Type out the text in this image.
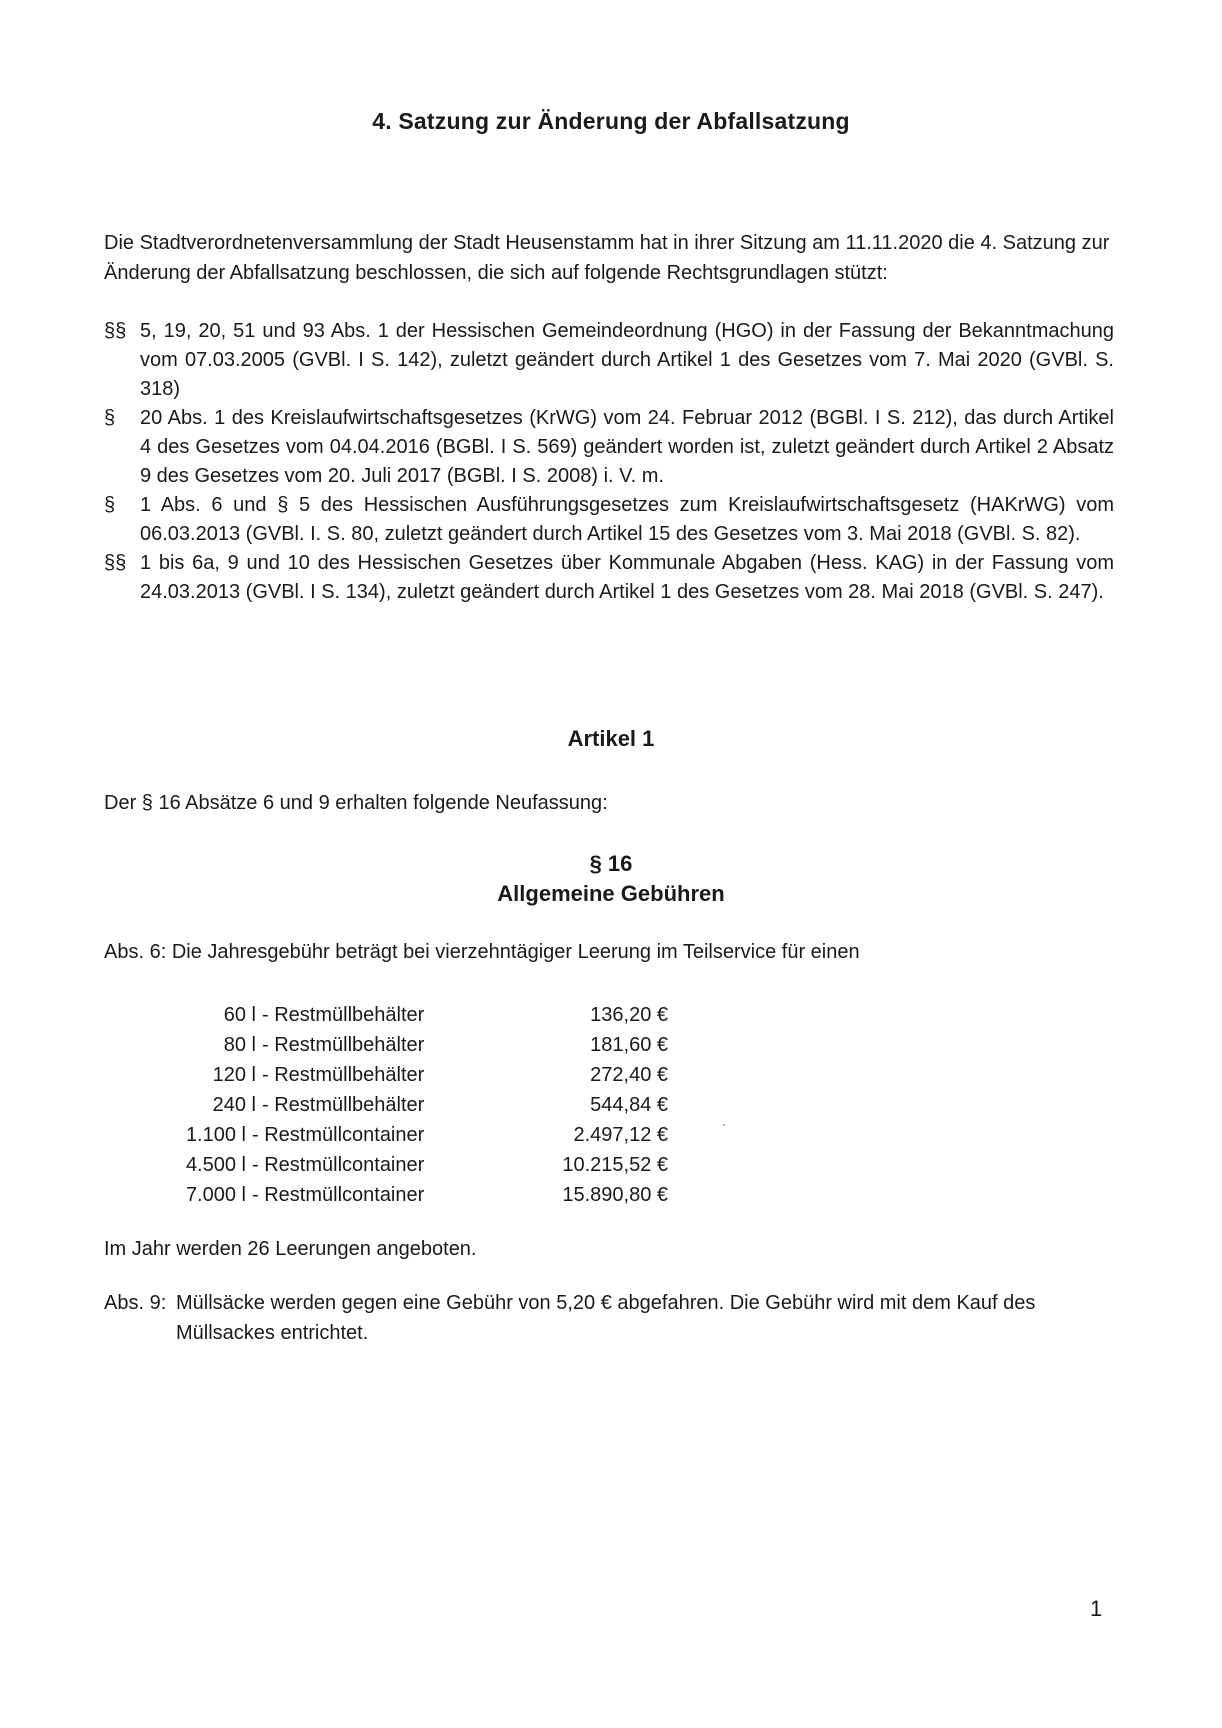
4. Satzung zur Änderung der Abfallsatzung
Die Stadtverordnetenversammlung der Stadt Heusenstamm hat in ihrer Sitzung am 11.11.2020 die 4. Satzung zur Änderung der Abfallsatzung beschlossen, die sich auf folgende Rechtsgrundlagen stützt:
§§ 5, 19, 20, 51 und 93 Abs. 1 der Hessischen Gemeindeordnung (HGO) in der Fassung der Bekanntmachung vom 07.03.2005 (GVBl. I S. 142), zuletzt geändert durch Artikel 1 des Gesetzes vom 7. Mai 2020 (GVBl. S. 318)
§	20 Abs. 1 des Kreislaufwirtschaftsgesetzes (KrWG) vom 24. Februar 2012 (BGBl. I S. 212), das durch Artikel 4 des Gesetzes vom 04.04.2016 (BGBl. I S. 569) geändert worden ist, zuletzt geändert durch Artikel 2 Absatz 9 des Gesetzes vom 20. Juli 2017 (BGBl. I S. 2008) i. V. m.
§	1 Abs. 6 und § 5 des Hessischen Ausführungsgesetzes zum Kreislaufwirtschaftsgesetz (HAKrWG) vom 06.03.2013 (GVBl. I. S. 80, zuletzt geändert durch Artikel 15 des Gesetzes vom 3. Mai 2018 (GVBl. S. 82).
§§ 1 bis 6a, 9 und 10 des Hessischen Gesetzes über Kommunale Abgaben (Hess. KAG) in der Fassung vom 24.03.2013 (GVBl. I S. 134), zuletzt geändert durch Artikel 1 des Gesetzes vom 28. Mai 2018 (GVBl. S. 247).
Artikel 1
Der § 16 Absätze 6 und 9 erhalten folgende Neufassung:
§ 16
Allgemeine Gebühren
Abs. 6: Die Jahresgebühr beträgt bei vierzehntägiger Leerung im Teilservice für einen
60 l - Restmüllbehälter	136,20 €
80 l - Restmüllbehälter	181,60 €
120 l - Restmüllbehälter	272,40 €
240 l - Restmüllbehälter	544,84 €
1.100 l - Restmüllcontainer	2.497,12 €
4.500 l - Restmüllcontainer	10.215,52 €
7.000 l - Restmüllcontainer	15.890,80 €
Im Jahr werden 26 Leerungen angeboten.
Abs. 9: Müllsäcke werden gegen eine Gebühr von 5,20 € abgefahren. Die Gebühr wird mit dem Kauf des Müllsackes entrichtet.
1
